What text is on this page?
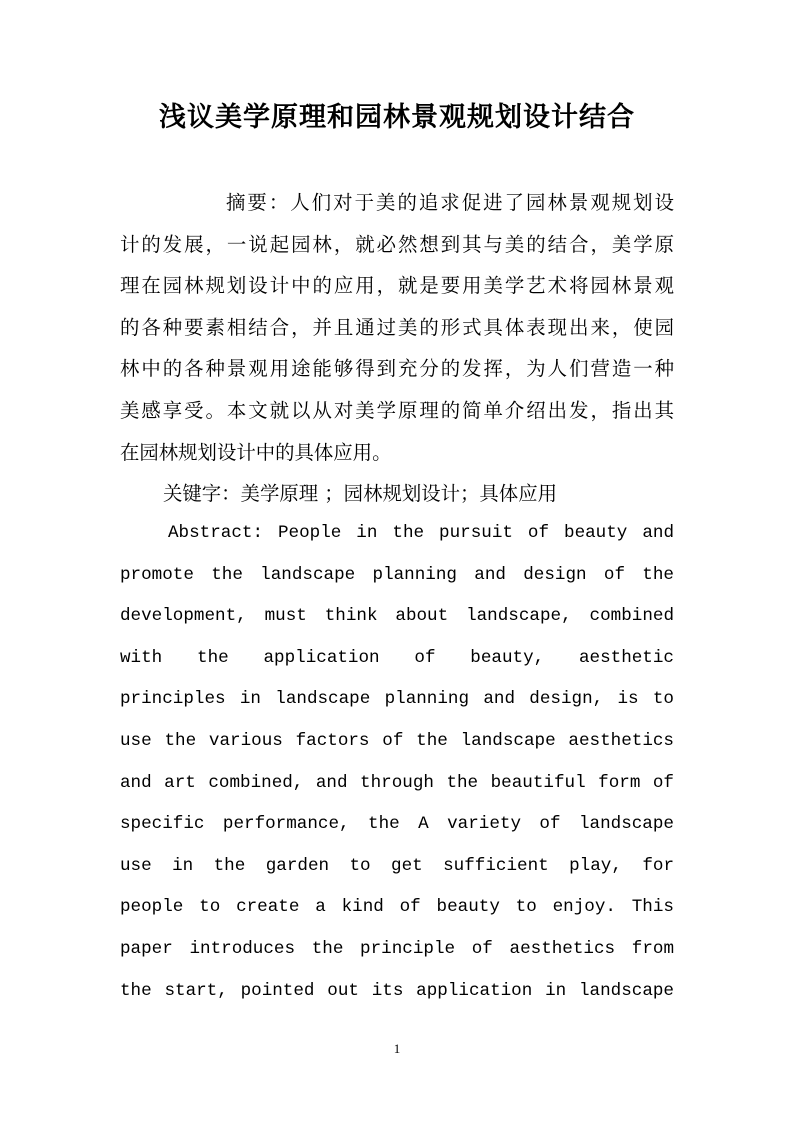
浅议美学原理和园林景观规划设计结合
摘要：人们对于美的追求促进了园林景观规划设
计的发展，一说起园林，就必然想到其与美的结合，美学原
理在园林规划设计中的应用，就是要用美学艺术将园林景观
的各种要素相结合，并且通过美的形式具体表现出来，使园
林中的各种景观用途能够得到充分的发挥，为人们营造一种
美感享受。本文就以从对美学原理的简单介绍出发，指出其
在园林规划设计中的具体应用。
关键字：美学原理 ；园林规划设计；具体应用
Abstract: People in the pursuit of beauty and
promote the landscape planning and design of the
development, must think about landscape, combined
with the application of beauty, aesthetic
principles in landscape planning and design, is to
use the various factors of the landscape aesthetics
and art combined, and through the beautiful form of
specific performance, the A variety of landscape
use in the garden to get sufficient play, for
people to create a kind of beauty to enjoy. This
paper introduces the principle of aesthetics from
the start, pointed out its application in landscape
1
